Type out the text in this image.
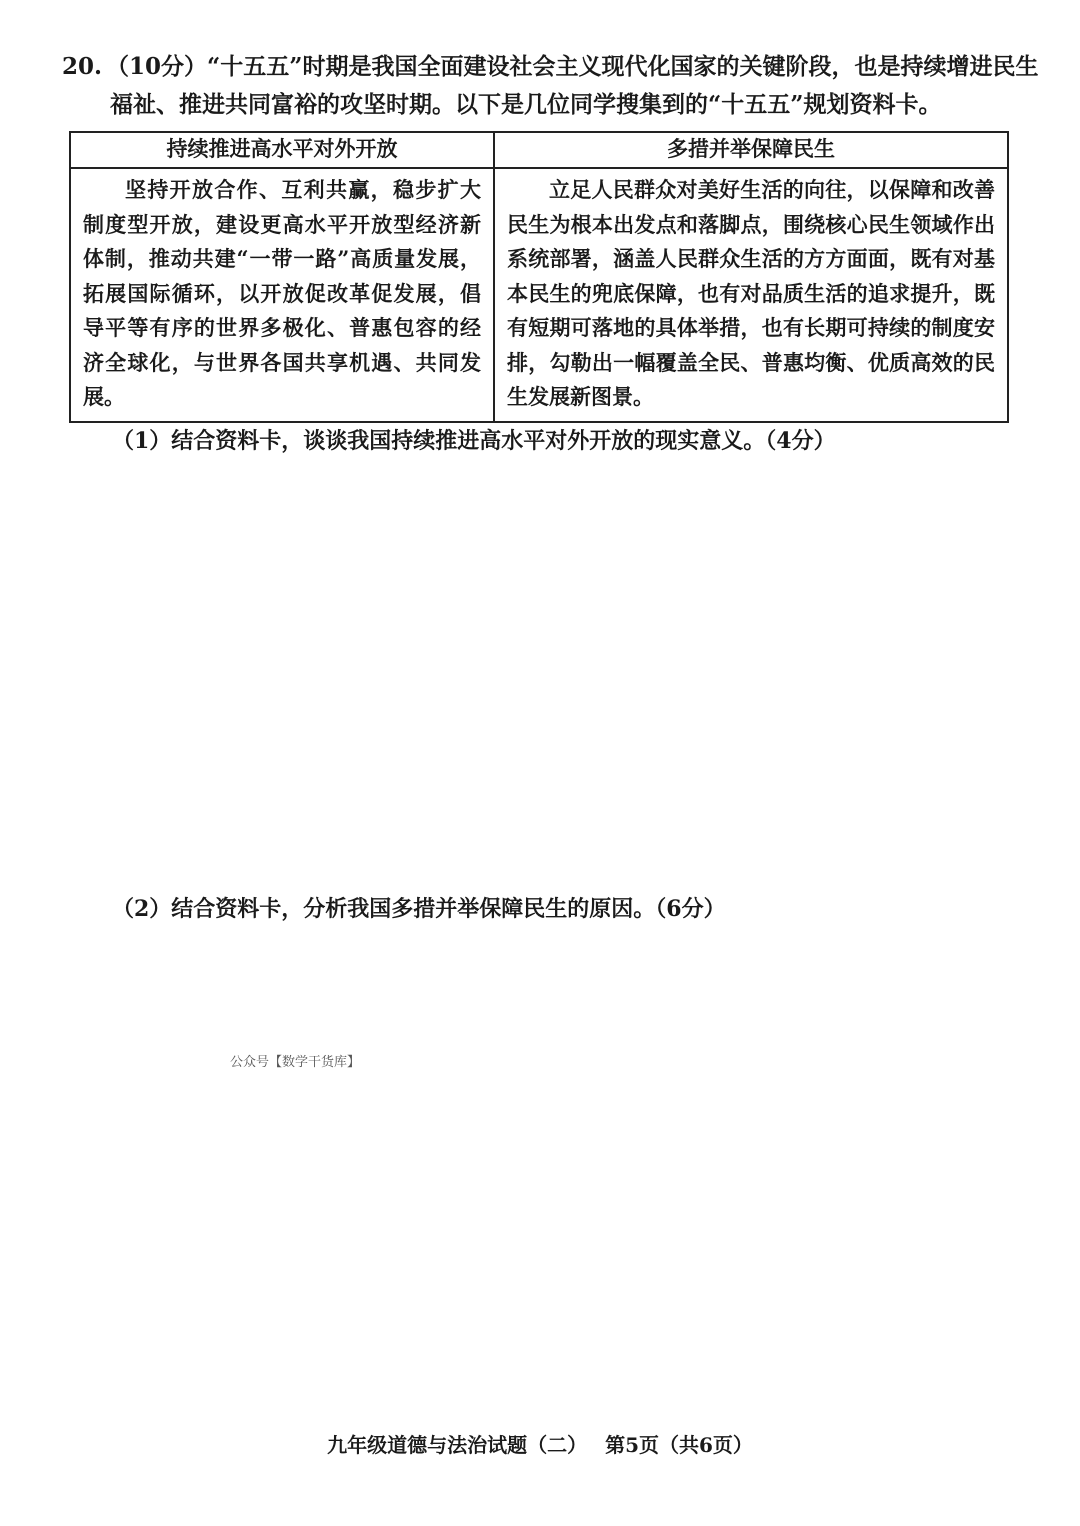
20. （10分）“十五五”时期是我国全面建设社会主义现代化国家的关键阶段，也是持续增进民生
福祉、推进共同富裕的攻坚时期。以下是几位同学搜集到的“十五五”规划资料卡。
持续推进高水平对外开放	多措并举保障民生
坚持开放合作、互利共赢，稳步扩大制度型开放，建设更高水平开放型经济新体制，推动共建“一带一路”高质量发展，拓展国际循环，以开放促改革促发展，倡导平等有序的世界多极化、普惠包容的经济全球化，与世界各国共享机遇、共同发展。	立足人民群众对美好生活的向往，以保障和改善民生为根本出发点和落脚点，围绕核心民生领域作出系统部署，涵盖人民群众生活的方方面面，既有对基本民生的兜底保障，也有对品质生活的追求提升，既有短期可落地的具体举措，也有长期可持续的制度安排，勾勒出一幅覆盖全民、普惠均衡、优质高效的民生发展新图景。
（1）结合资料卡，谈谈我国持续推进高水平对外开放的现实意义。（4分）
（2）结合资料卡，分析我国多措并举保障民生的原因。（6分）
公众号【数学干货库】
九年级道德与法治试题（二） 第5页（共6页）
